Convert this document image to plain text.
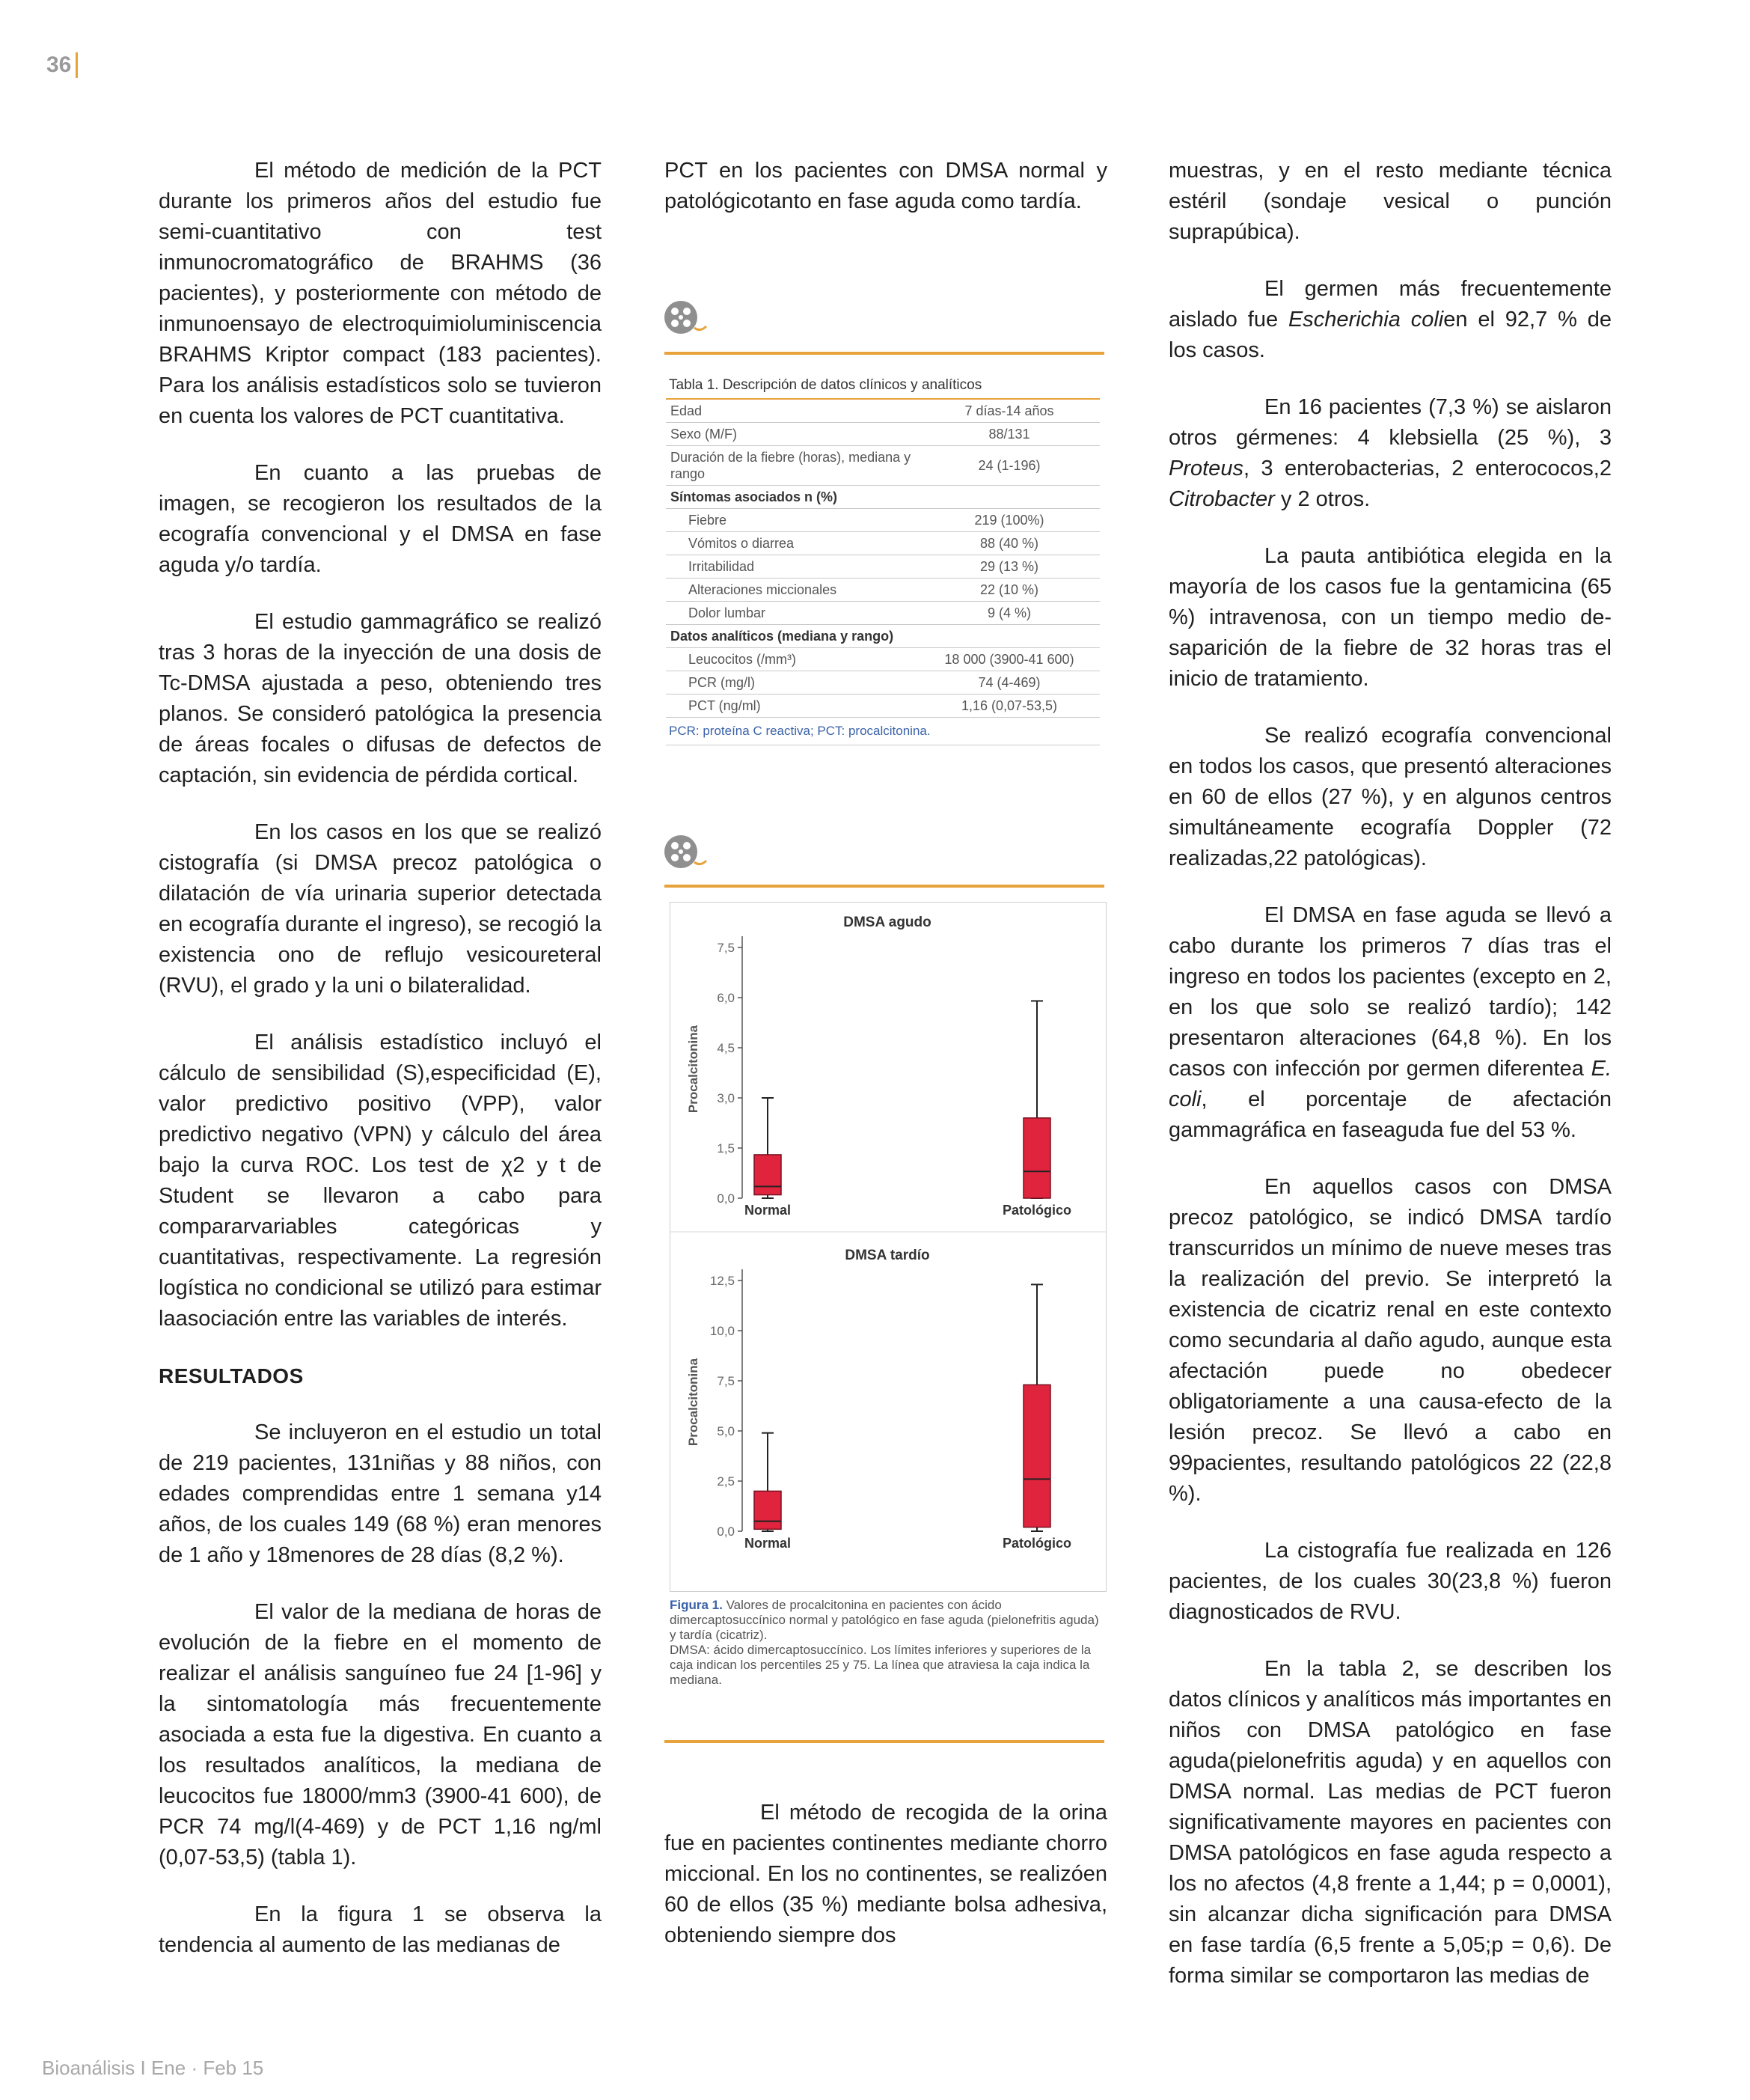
36

El método de medición de la PCT durante los primeros años del estudio fue semi-cuantitativo con test inmunocromatográfico de BRAHMS (36 pacientes), y posteriormente con método de inmunoensayo de electroquimioluminiscencia BRAHMS Kriptor compact (183 pacientes). Para los análisis estadísticos solo se tuvieron en cuenta los valores de PCT cuantitativa.

En cuanto a las pruebas de imagen, se recogieron los resultados de la ecografía convencional y el DMSA en fase aguda y/o tardía.

El estudio gammagráfico se realizó tras 3 horas de la inyección de una dosis de Tc-DMSA ajustada a peso, obteniendo tres planos. Se consideró patológica la presencia de áreas focales o difusas de defectos de captación, sin evidencia de pérdida cortical.

En los casos en los que se realizó cistografía (si DMSA precoz patológica o dilatación de vía urinaria superior detectada en ecografía durante el ingreso), se recogió la existencia ono de reflujo vesicoureteral (RVU), el grado y la uni o bilateralidad.

El análisis estadístico incluyó el cálculo de sensibilidad (S),especificidad (E), valor predictivo positivo (VPP), valor predictivo negativo (VPN) y cálculo del área bajo la curva ROC. Los test de χ2 y t de Student se llevaron a cabo para compararvariables categóricas y cuantitativas, respectivamente. La regresión logística no condicional se utilizó para estimar laasociación entre las variables de interés.

RESULTADOS

Se incluyeron en el estudio un total de 219 pacientes, 131niñas y 88 niños, con edades comprendidas entre 1 semana y14 años, de los cuales 149 (68 %) eran menores de 1 año y 18menores de 28 días (8,2 %).

El valor de la mediana de horas de evolución de la fiebre en el momento de realizar el análisis sanguíneo fue 24 [1-96] y la sintomatología más frecuentemente asociada a esta fue la digestiva. En cuanto a los resultados analíticos, la mediana de leucocitos fue 18000/mm3 (3900-41 600), de PCR 74 mg/l(4-469) y de PCT 1,16 ng/ml (0,07-53,5) (tabla 1).

En la figura 1 se observa la tendencia al aumento de las medianas de

PCT en los pacientes con DMSA normal y patológicotanto en fase aguda como tardía.

Tabla 1. Descripción de datos clínicos y analíticos
Edad	7 días-14 años
Sexo (M/F)	88/131
Duración de la fiebre (horas), mediana y rango	24 (1-196)
Síntomas asociados n (%)	
Fiebre	219 (100%)
Vómitos o diarrea	88 (40 %)
Irritabilidad	29 (13 %)
Alteraciones miccionales	22 (10 %)
Dolor lumbar	9 (4 %)
Datos analíticos (mediana y rango)	
Leucocitos (/mm³)	18 000 (3900-41 600)
PCR (mg/l)	74 (4-469)
PCT (ng/ml)	1,16 (0,07-53,5)
PCR: proteína C reactiva; PCT: procalcitonina.
DMSA agudo
Procalcitonina
0,0
1,5
3,0
4,5
6,0
7,5
Normal	Patológico
DMSA tardío
Procalcitonina
0,0
2,5
5,0
7,5
10,0
12,5
Normal	Patológico
Figura 1. Valores de procalcitonina en pacientes con ácido dimercaptosuccínico normal y patológico en fase aguda (pielonefritis aguda) y tardía (cicatriz).
DMSA: ácido dimercaptosuccínico. Los límites inferiores y superiores de la caja indican los percentiles 25 y 75. La línea que atraviesa la caja indica la mediana.

El método de recogida de la orina fue en pacientes continentes mediante chorro miccional. En los no continentes, se realizóen 60 de ellos (35 %) mediante bolsa adhesiva, obteniendo siempre dos

muestras, y en el resto mediante técnica estéril (sondaje vesical o punción suprapúbica).

El germen más frecuentemente aislado fue Escherichia colien el 92,7 % de los casos.

En 16 pacientes (7,3 %) se aislaron otros gérmenes: 4 klebsiella (25 %), 3 Proteus, 3 enterobacterias, 2 enterococos,2 Citrobacter y 2 otros.

La pauta antibiótica elegida en la mayoría de los casos fue la gentamicina (65 %) intravenosa, con un tiempo medio de-saparición de la fiebre de 32 horas tras el inicio de tratamiento.

Se realizó ecografía convencional en todos los casos, que presentó alteraciones en 60 de ellos (27 %), y en algunos centros simultáneamente ecografía Doppler (72 realizadas,22 patológicas).

El DMSA en fase aguda se llevó a cabo durante los primeros 7 días tras el ingreso en todos los pacientes (excepto en 2, en los que solo se realizó tardío); 142 presentaron alteraciones (64,8 %). En los casos con infección por germen diferentea E. coli, el porcentaje de afectación gammagráfica en faseaguda fue del 53 %.

En aquellos casos con DMSA precoz patológico, se indicó DMSA tardío transcurridos un mínimo de nueve meses tras la realización del previo. Se interpretó la existencia de cicatriz renal en este contexto como secundaria al daño agudo, aunque esta afectación puede no obedecer obligatoriamente a una causa-efecto de la lesión precoz. Se llevó a cabo en 99pacientes, resultando patológicos 22 (22,8 %).

La cistografía fue realizada en 126 pacientes, de los cuales 30(23,8 %) fueron diagnosticados de RVU.

En la tabla 2, se describen los datos clínicos y analíticos más importantes en niños con DMSA patológico en fase aguda(pielonefritis aguda) y en aquellos con DMSA normal. Las medias de PCT fueron significativamente mayores en pacientes con DMSA patológicos en fase aguda respecto a los no afectos (4,8 frente a 1,44; p = 0,0001), sin alcanzar dicha significación para DMSA en fase tardía (6,5 frente a 5,05;p = 0,6). De forma similar se comportaron las medias de

Bioanálisis I Ene · Feb 15
